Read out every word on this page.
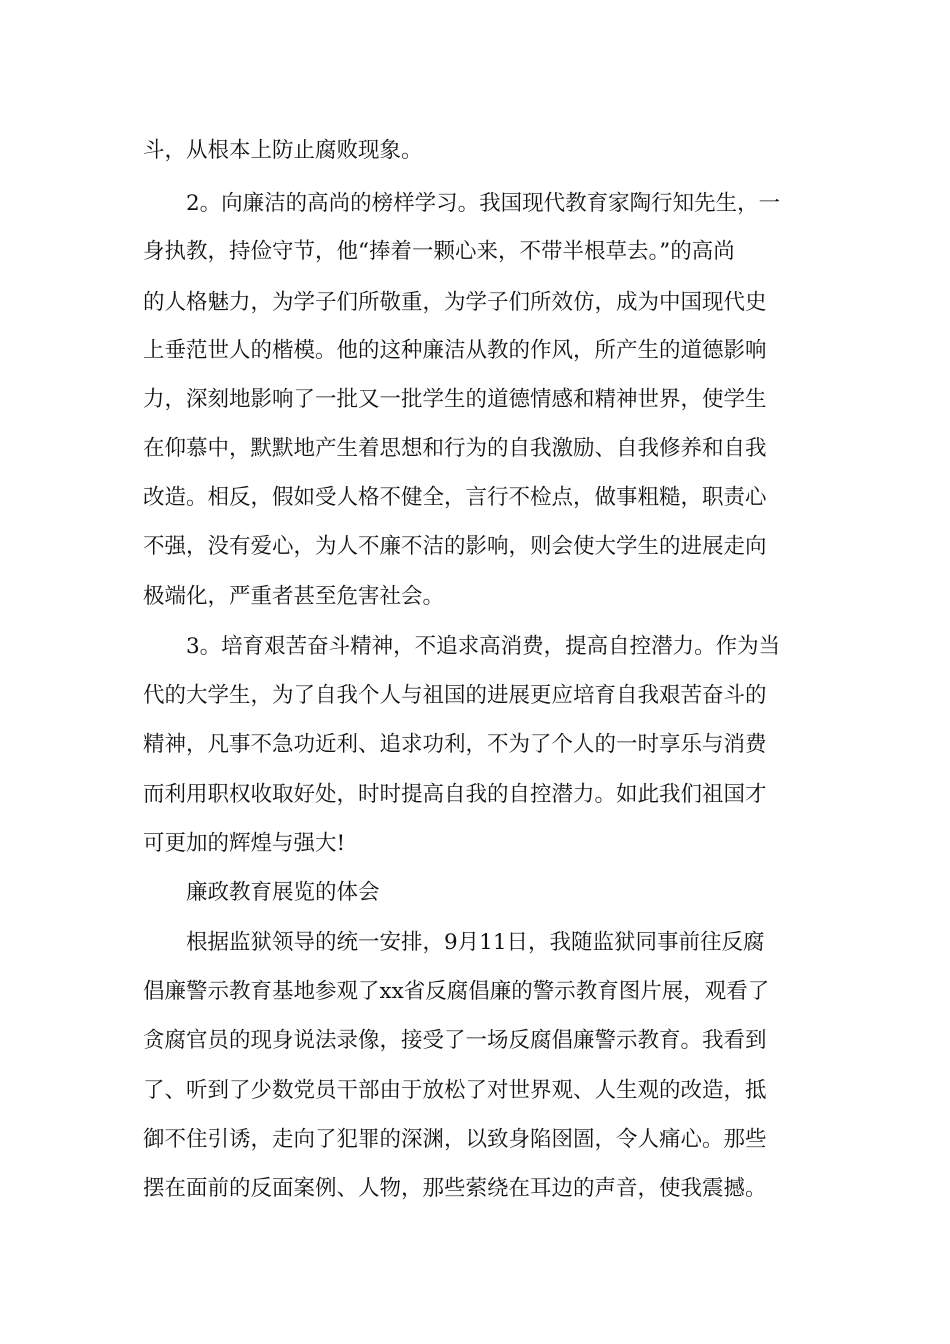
斗，从根本上防止腐败现象。

2。向廉洁的高尚的榜样学习。我国现代教育家陶行知先生，一

身执教，持俭守节，他“捧着一颗心来，不带半根草去。”的高尚

的人格魅力，为学子们所敬重，为学子们所效仿，成为中国现代史

上垂范世人的楷模。他的这种廉洁从教的作风，所产生的道德影响

力，深刻地影响了一批又一批学生的道德情感和精神世界，使学生

在仰慕中，默默地产生着思想和行为的自我激励、自我修养和自我

改造。相反，假如受人格不健全，言行不检点，做事粗糙，职责心

不强，没有爱心，为人不廉不洁的影响，则会使大学生的进展走向

极端化，严重者甚至危害社会。

3。培育艰苦奋斗精神，不追求高消费，提高自控潜力。作为当

代的大学生，为了自我个人与祖国的进展更应培育自我艰苦奋斗的

精神，凡事不急功近利、追求功利，不为了个人的一时享乐与消费

而利用职权收取好处，时时提高自我的自控潜力。如此我们祖国才

可更加的辉煌与强大!

廉政教育展览的体会

根据监狱领导的统一安排，9月11日，我随监狱同事前往反腐

倡廉警示教育基地参观了xx省反腐倡廉的警示教育图片展，观看了

贪腐官员的现身说法录像，接受了一场反腐倡廉警示教育。我看到

了、听到了少数党员干部由于放松了对世界观、人生观的改造，抵

御不住引诱，走向了犯罪的深渊，以致身陷囹圄，令人痛心。那些

摆在面前的反面案例、人物，那些萦绕在耳边的声音，使我震撼。
